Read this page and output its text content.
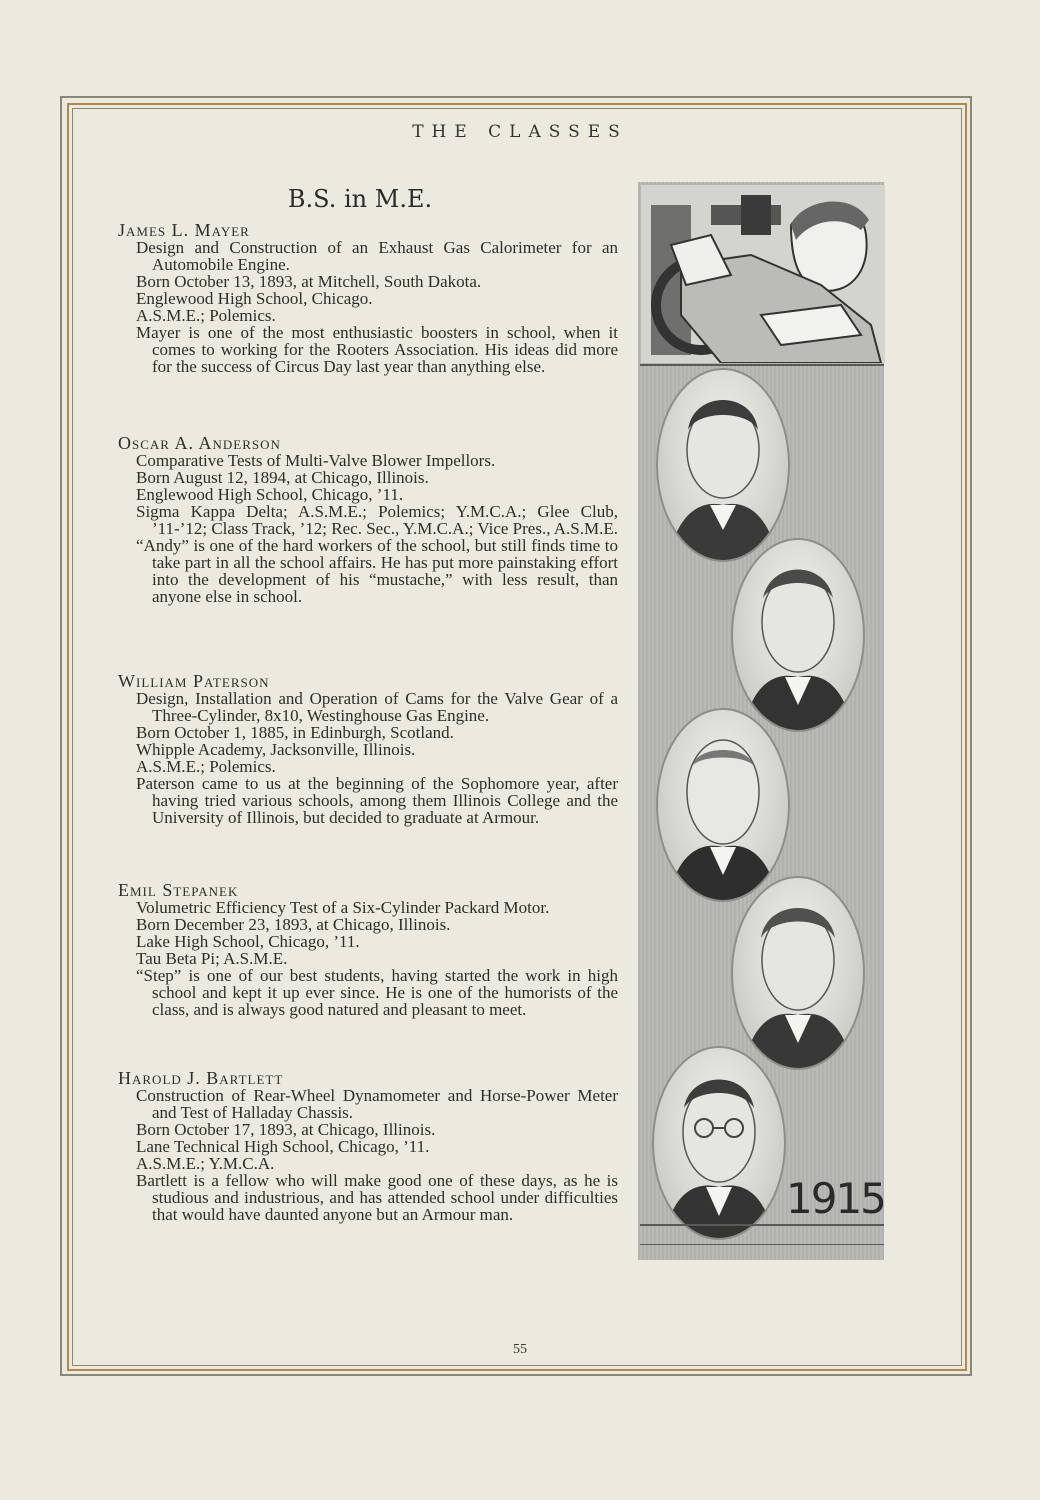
THE CLASSES
B.S. in M.E.
James L. Mayer

Design and Construction of an Exhaust Gas Calorimeter for an Automobile Engine.

Born October 13, 1893, at Mitchell, South Dakota.

Englewood High School, Chicago.

A.S.M.E.; Polemics.

Mayer is one of the most enthusiastic boosters in school, when it comes to working for the Rooters Association. His ideas did more for the success of Circus Day last year than anything else.

Oscar A. Anderson

Comparative Tests of Multi-Valve Blower Impellors.

Born August 12, 1894, at Chicago, Illinois.

Englewood High School, Chicago, ’11.

Sigma Kappa Delta; A.S.M.E.; Polemics; Y.M.C.A.; Glee Club, ’11-’12; Class Track, ’12; Rec. Sec., Y.M.C.A.; Vice Pres., A.S.M.E.

“Andy” is one of the hard workers of the school, but still finds time to take part in all the school affairs. He has put more painstaking effort into the development of his “mustache,” with less result, than anyone else in school.

William Paterson

Design, Installation and Operation of Cams for the Valve Gear of a Three-Cylinder, 8x10, Westinghouse Gas Engine.

Born October 1, 1885, in Edinburgh, Scotland.

Whipple Academy, Jacksonville, Illinois.

A.S.M.E.; Polemics.

Paterson came to us at the beginning of the Sophomore year, after having tried various schools, among them Illinois College and the University of Illinois, but decided to graduate at Armour.

Emil Stepanek

Volumetric Efficiency Test of a Six-Cylinder Packard Motor.

Born December 23, 1893, at Chicago, Illinois.

Lake High School, Chicago, ’11.

Tau Beta Pi; A.S.M.E.

“Step” is one of our best students, having started the work in high school and kept it up ever since. He is one of the humorists of the class, and is always good natured and pleasant to meet.

Harold J. Bartlett

Construction of Rear-Wheel Dynamometer and Horse-Power Meter and Test of Halladay Chassis.

Born October 17, 1893, at Chicago, Illinois.

Lane Technical High School, Chicago, ’11.

A.S.M.E.; Y.M.C.A.

Bartlett is a fellow who will make good one of these days, as he is studious and industrious, and has attended school under difficulties that would have daunted anyone but an Armour man.	1915
55
